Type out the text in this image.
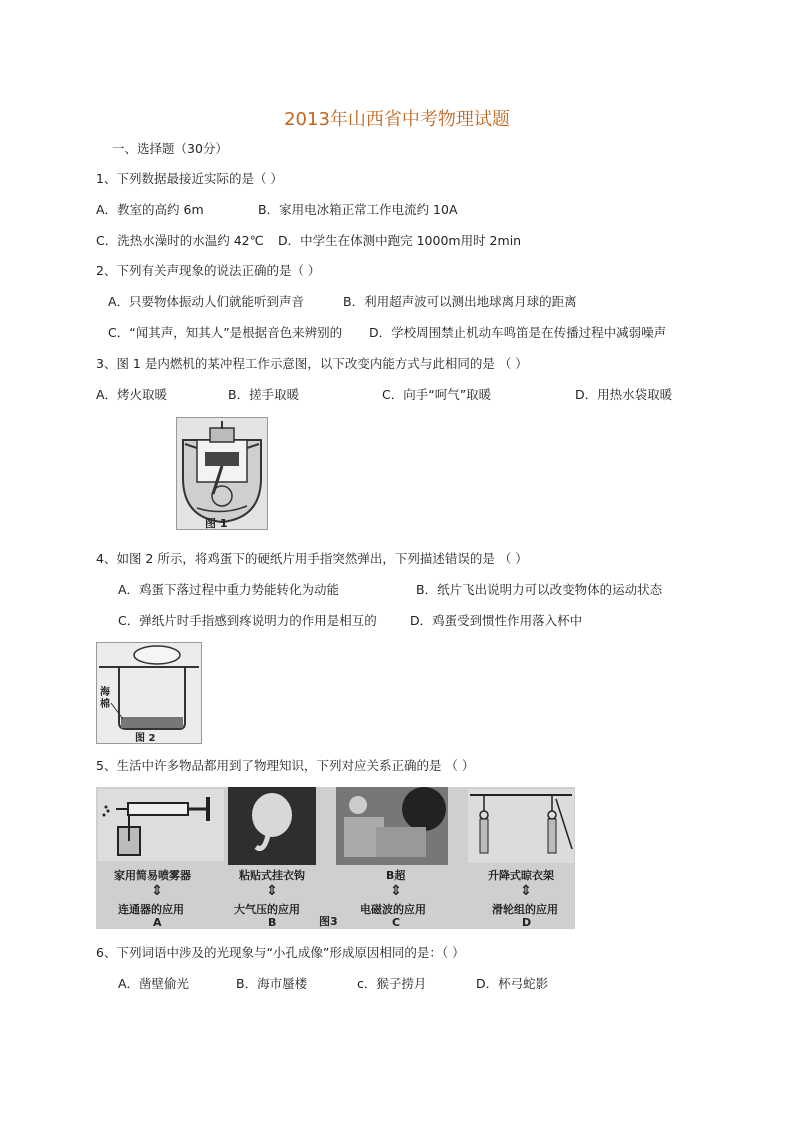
2013年山西省中考物理试题
一、选择题（30分）
1、下列数据最接近实际的是（ ）
A．教室的高约 6m	B．家用电冰箱正常工作电流约 10A
C．洗热水澡时的水温约 42℃ D．中学生在体测中跑完 1000m用时 2min
2、下列有关声现象的说法正确的是（ ）
A．只要物体振动人们就能听到声音	B．利用超声波可以测出地球离月球的距离
C．“闻其声，知其人”是根据音色来辨别的 D．学校周围禁止机动车鸣笛是在传播过程中减弱噪声
3、图 1 是内燃机的某冲程工作示意图，以下改变内能方式与此相同的是 （ ）
A．烤火取暖	B．搓手取暖	C．向手“呵气”取暖	D．用热水袋取暖
图 1
4、如图 2 所示，将鸡蛋下的硬纸片用手指突然弹出，下列描述错误的是 （ ）
A．鸡蛋下落过程中重力势能转化为动能	B．纸片飞出说明力可以改变物体的运动状态
C．弹纸片时手指感到疼说明力的作用是相互的	D．鸡蛋受到惯性作用落入杯中
海棉
图 2
5、生活中许多物品都用到了物理知识，下列对应关系正确的是 （ ）
家用简易喷雾器
⇕
连通器的应用
A
粘贴式挂衣钩
⇕
大气压的应用
B
B超
⇕
电磁波的应用
C
图3
升降式晾衣架
⇕
滑轮组的应用
D
6、下列词语中涉及的光现象与“小孔成像”形成原因相同的是：（ ）
A．凿壁偷光	B．海市蜃楼	c．猴子捞月	D．杯弓蛇影
